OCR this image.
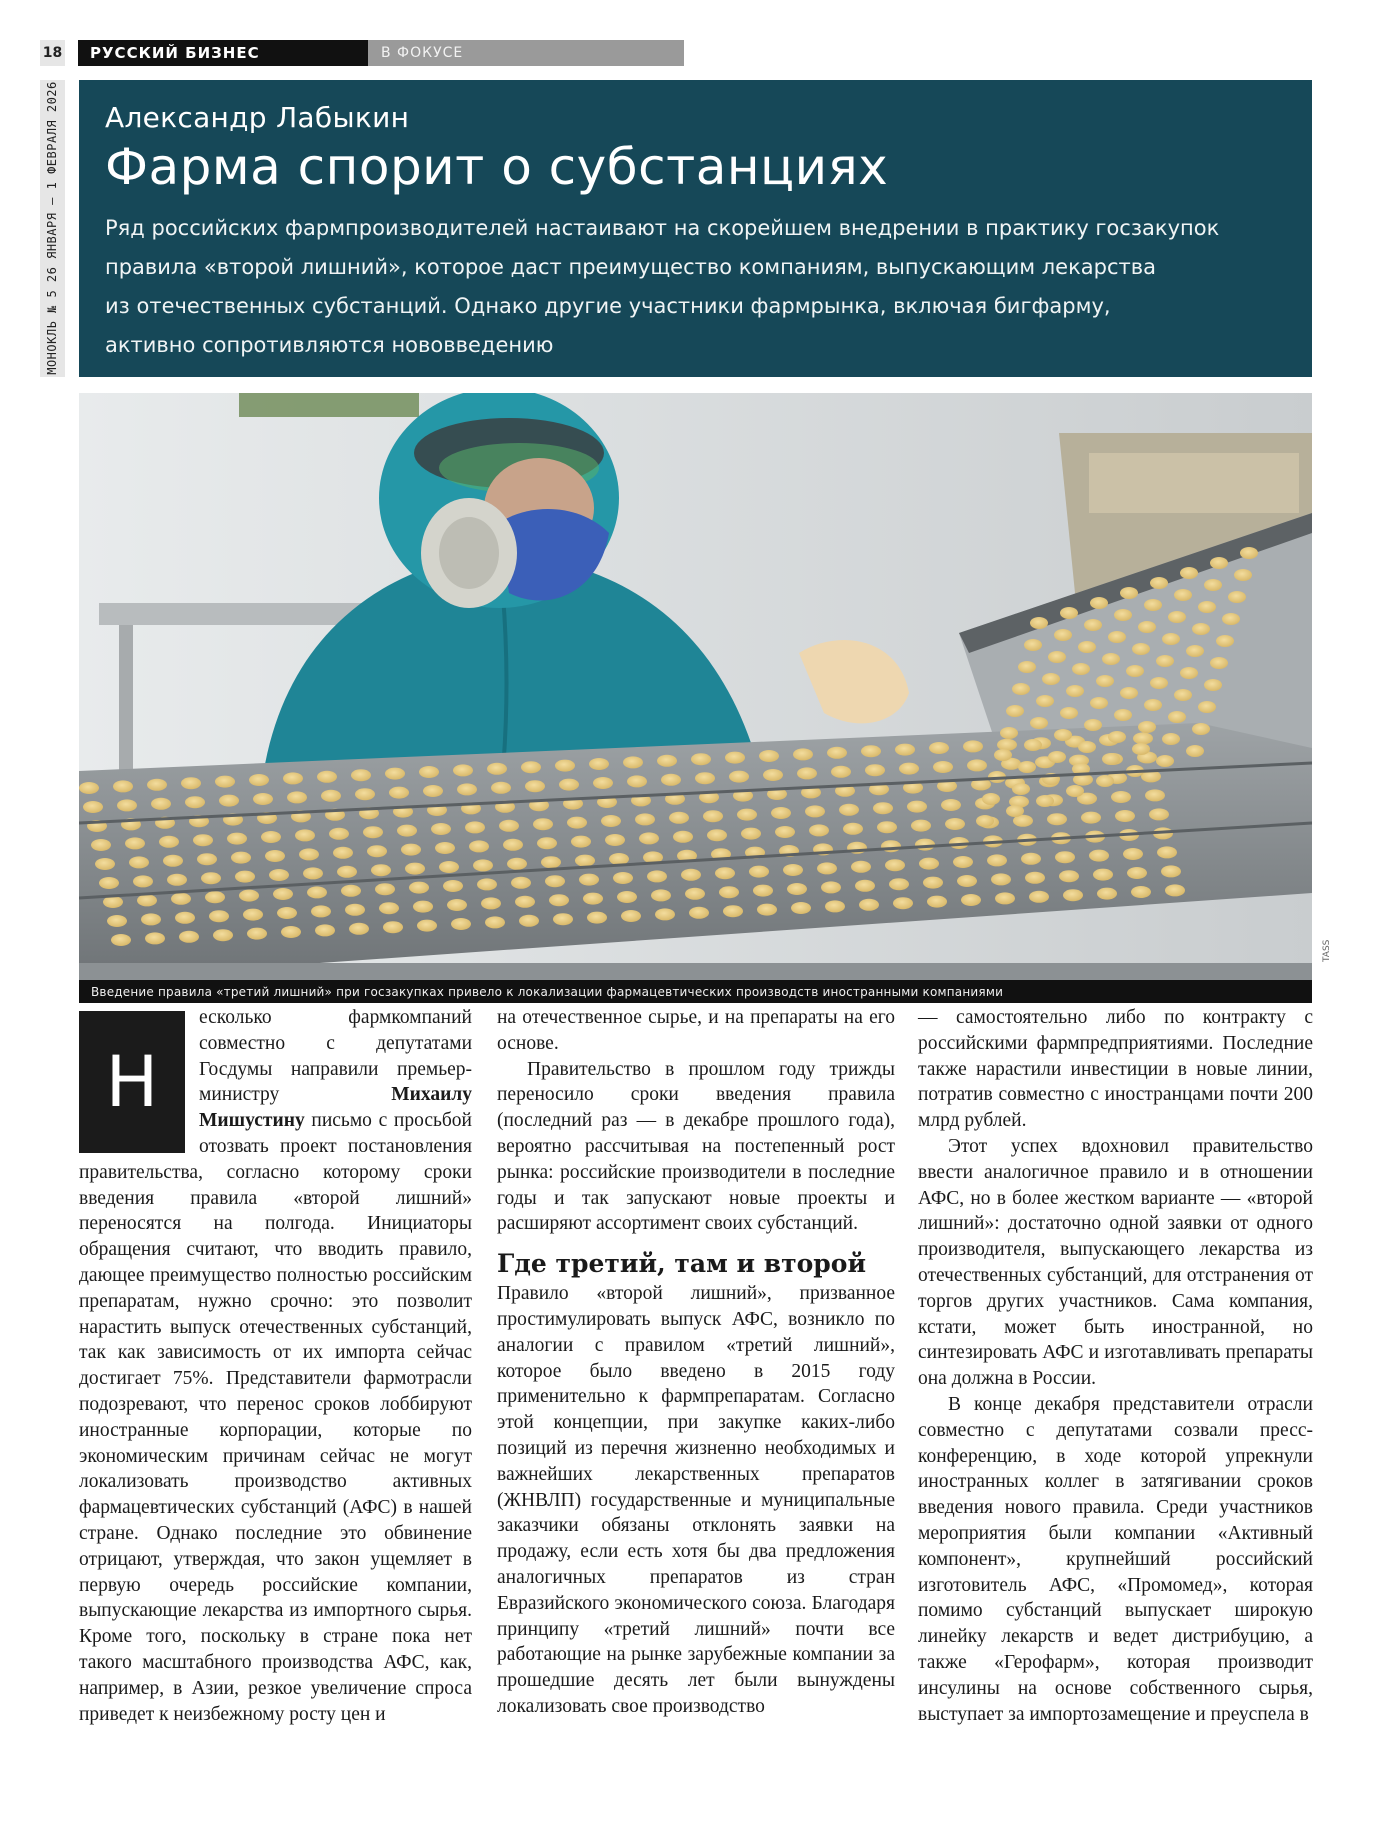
18	РУССКИЙ БИЗНЕС	В ФОКУСЕ
МОНОКЛЬ № 5 26 ЯНВАРЯ — 1 ФЕВРАЛЯ 2026 Александр Лабыкин
Фарма спорит о субстанциях
Ряд российских фармпроизводителей настаивают на скорейшем внедрении в практику госзакупок
правила «второй лишний», которое даст преимущество компаниям, выпускающим лекарства
из отечественных субстанций. Однако другие участники фармрынка, включая бигфарму,
активно сопротивляются нововведению
Введение правила «третий лишний» при госзакупках привело к локализации фармацевтических производств иностранными компаниями
TASS
Н

есколько фармкомпаний совместно с депутатами Госдумы направили премьер-министру Михаилу Мишустину письмо с просьбой отозвать проект постановления правительства, согласно которому сроки введения правила «второй лишний» переносятся на полгода. Инициаторы обращения считают, что вводить правило, дающее преимущество полностью российским препаратам, нужно срочно: это позволит нарастить выпуск отечественных субстанций, так как зависимость от их импорта сейчас достигает 75%. Представители фармотрасли подозревают, что перенос сроков лоббируют иностранные корпорации, которые по экономическим причинам сейчас не могут локализовать производство активных фармацевтических субстанций (АФС) в нашей стране. Однако последние это обвинение отрицают, утверждая, что закон ущемляет в первую очередь российские компании, выпускающие лекарства из импортного сырья. Кроме того, поскольку в стране пока нет такого масштабного производства АФС, как, например, в Азии, резкое увеличение спроса приведет к неизбежному росту цен и

на отечественное сырье, и на препараты на его основе.

Правительство в прошлом году трижды переносило сроки введения правила (последний раз — в декабре прошлого года), вероятно рассчитывая на постепенный рост рынка: российские производители в последние годы и так запускают новые проекты и расширяют ассортимент своих субстанций.

Где третий, там и второй

Правило «второй лишний», призванное простимулировать выпуск АФС, возникло по аналогии с правилом «третий лишний», которое было введено в 2015 году применительно к фармпрепаратам. Согласно этой концепции, при закупке каких-либо позиций из перечня жизненно необходимых и важнейших лекарственных препаратов (ЖНВЛП) государственные и муниципальные заказчики обязаны отклонять заявки на продажу, если есть хотя бы два предложения аналогичных препаратов из стран Евразийского экономического союза. Благодаря принципу «третий лишний» почти все работающие на рынке зарубежные компании за прошедшие десять лет были вынуждены локализовать свое производство

— самостоятельно либо по контракту с российскими фармпредприятиями. Последние также нарастили инвестиции в новые линии, потратив совместно с иностранцами почти 200 млрд рублей.

Этот успех вдохновил правительство ввести аналогичное правило и в отношении АФС, но в более жестком варианте — «второй лишний»: достаточно одной заявки от одного производителя, выпускающего лекарства из отечественных субстанций, для отстранения от торгов других участников. Сама компания, кстати, может быть иностранной, но синтезировать АФС и изготавливать препараты она должна в России.

В конце декабря представители отрасли совместно с депутатами созвали пресс-конференцию, в ходе которой упрекнули иностранных коллег в затягивании сроков введения нового правила. Среди участников мероприятия были компании «Активный компонент», крупнейший российский изготовитель АФС, «Промомед», которая помимо субстанций выпускает широкую линейку лекарств и ведет дистрибуцию, а также «Герофарм», которая производит инсулины на основе собственного сырья, выступает за импортозамещение и преуспела в
